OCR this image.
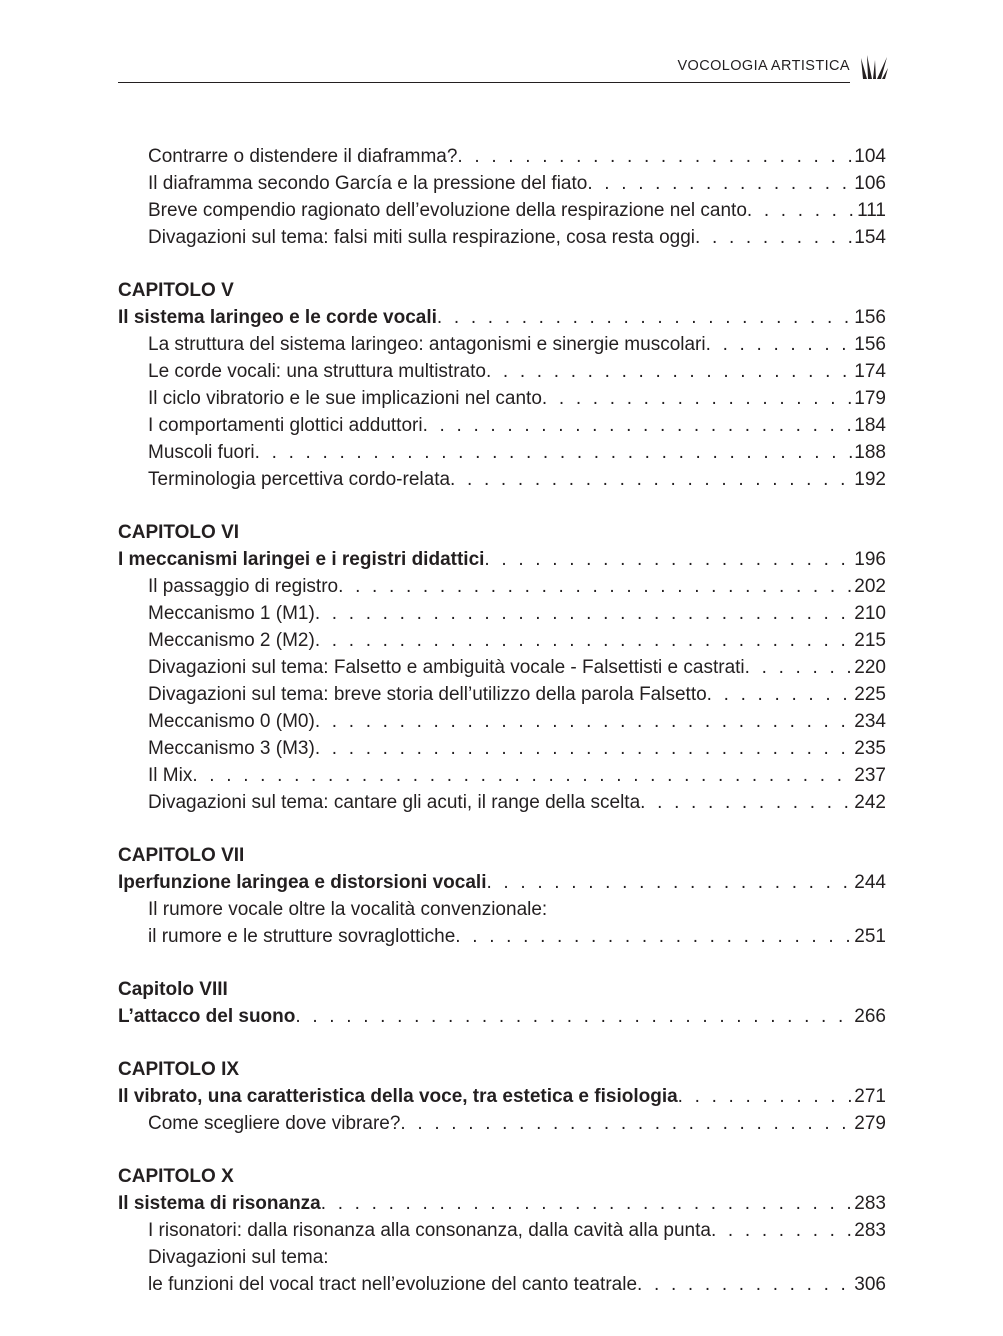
VOCOLOGIA ARTISTICA
Contrarre o distendere il diaframma? . . .	104
Il diaframma secondo García e la pressione del fiato . . .	106
Breve compendio ragionato dell’evoluzione della respirazione nel canto . . .	111
Divagazioni sul tema: falsi miti sulla respirazione, cosa resta oggi . . .	154
CAPITOLO V
Il sistema laringeo e le corde vocali . . .	156
La struttura del sistema laringeo: antagonismi e sinergie muscolari . . .	156
Le corde vocali: una struttura multistrato . . .	174
Il ciclo vibratorio e le sue implicazioni nel canto . . .	179
I comportamenti glottici adduttori . . .	184
Muscoli fuori . . .	188
Terminologia percettiva cordo-relata . . .	192
CAPITOLO VI
I meccanismi laringei e i registri didattici . . .	196
Il passaggio di registro . . .	202
Meccanismo 1 (M1) . . .	210
Meccanismo 2 (M2) . . .	215
Divagazioni sul tema: Falsetto e ambiguità vocale - Falsettisti e castrati . . .	220
Divagazioni sul tema: breve storia dell’utilizzo della parola Falsetto . . .	225
Meccanismo 0 (M0) . . .	234
Meccanismo 3 (M3) . . .	235
Il Mix . . .	237
Divagazioni sul tema: cantare gli acuti, il range della scelta . . .	242
CAPITOLO VII
Iperfunzione laringea e distorsioni vocali . . .	244
Il rumore vocale oltre la vocalità convenzionale:
il rumore e le strutture sovraglottiche . . .	251
Capitolo VIII
L’attacco del suono . . .	266
CAPITOLO IX
Il vibrato, una caratteristica della voce, tra estetica e fisiologia . . .	271
Come scegliere dove vibrare? . . .	279
CAPITOLO X
Il sistema di risonanza . . .	283
I risonatori: dalla risonanza alla consonanza, dalla cavità alla punta . . .	283
Divagazioni sul tema:
le funzioni del vocal tract nell’evoluzione del canto teatrale . . .	306
